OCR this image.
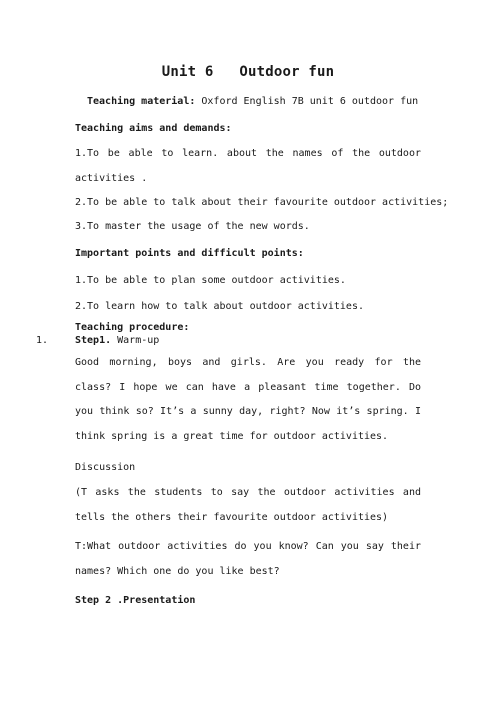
Unit 6   Outdoor fun
Teaching material: Oxford English 7B unit 6 outdoor fun
Teaching aims and demands:
1.To be able to learn. about the names of the outdoor activities .
2.To be able to talk about their favourite outdoor activities;
3.To master the usage of the new words.
Important points and difficult points:
1.To be able to plan some outdoor activities.
2.To learn how to talk about outdoor activities.
Teaching procedure:
1.	Step1. Warm-up
Good morning, boys and girls. Are you ready for the class? I hope we can have a pleasant time together. Do you think so? It’s a sunny day, right? Now it’s spring. I think spring is a great time for outdoor activities.
Discussion
(T asks the students to say the outdoor activities and tells the others their favourite outdoor activities)
T:What outdoor activities do you know? Can you say their names? Which one do you like best?
Step 2 .Presentation
